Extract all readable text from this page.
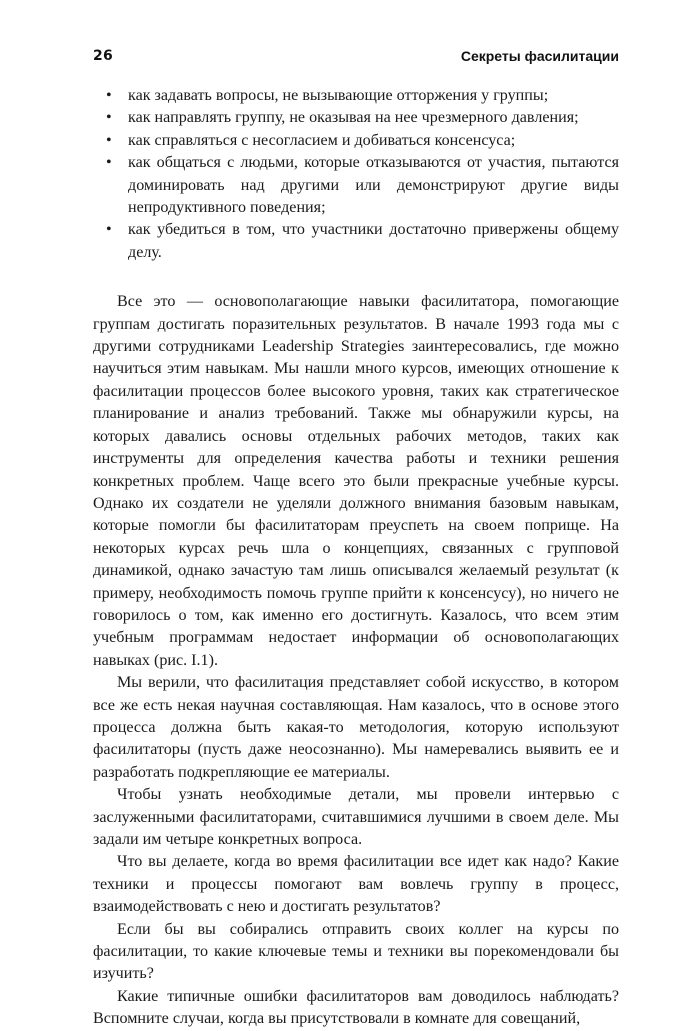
26	Секреты фасилитации
• как задавать вопросы, не вызывающие отторжения у группы;
• как направлять группу, не оказывая на нее чрезмерного давления;
• как справляться с несогласием и добиваться консенсуса;
• как общаться с людьми, которые отказываются от участия, пытаются доминировать над другими или демонстрируют другие виды непродуктивного поведения;
• как убедиться в том, что участники достаточно привержены общему делу.

Все это — основополагающие навыки фасилитатора, помогающие группам достигать поразительных результатов. В начале 1993 года мы с другими сотрудниками Leadership Strategies заинтересовались, где можно научиться этим навыкам. Мы нашли много курсов, имеющих отношение к фасилитации процессов более высокого уровня, таких как стратегическое планирование и анализ требований. Также мы обнаружили курсы, на которых давались основы отдельных рабочих методов, таких как инструменты для определения качества работы и техники решения конкретных проблем. Чаще всего это были прекрасные учебные курсы. Однако их создатели не уделяли должного внимания базовым навыкам, которые помогли бы фасилитаторам преуспеть на своем поприще. На некоторых курсах речь шла о концепциях, связанных с групповой динамикой, однако зачастую там лишь описывался желаемый результат (к примеру, необходимость помочь группе прийти к консенсусу), но ничего не говорилось о том, как именно его достигнуть. Казалось, что всем этим учебным программам недостает информации об основополагающих навыках (рис. I.1).

Мы верили, что фасилитация представляет собой искусство, в котором все же есть некая научная составляющая. Нам казалось, что в основе этого процесса должна быть какая-то методология, которую используют фасилитаторы (пусть даже неосознанно). Мы намеревались выявить ее и разработать подкрепляющие ее материалы.

Чтобы узнать необходимые детали, мы провели интервью с заслуженными фасилитаторами, считавшимися лучшими в своем деле. Мы задали им четыре конкретных вопроса.

Что вы делаете, когда во время фасилитации все идет как надо? Какие техники и процессы помогают вам вовлечь группу в процесс, взаимодействовать с нею и достигать результатов?

Если бы вы собирались отправить своих коллег на курсы по фасилитации, то какие ключевые темы и техники вы порекомендовали бы изучить?

Какие типичные ошибки фасилитаторов вам доводилось наблюдать? Вспомните случаи, когда вы присутствовали в комнате для совещаний,
